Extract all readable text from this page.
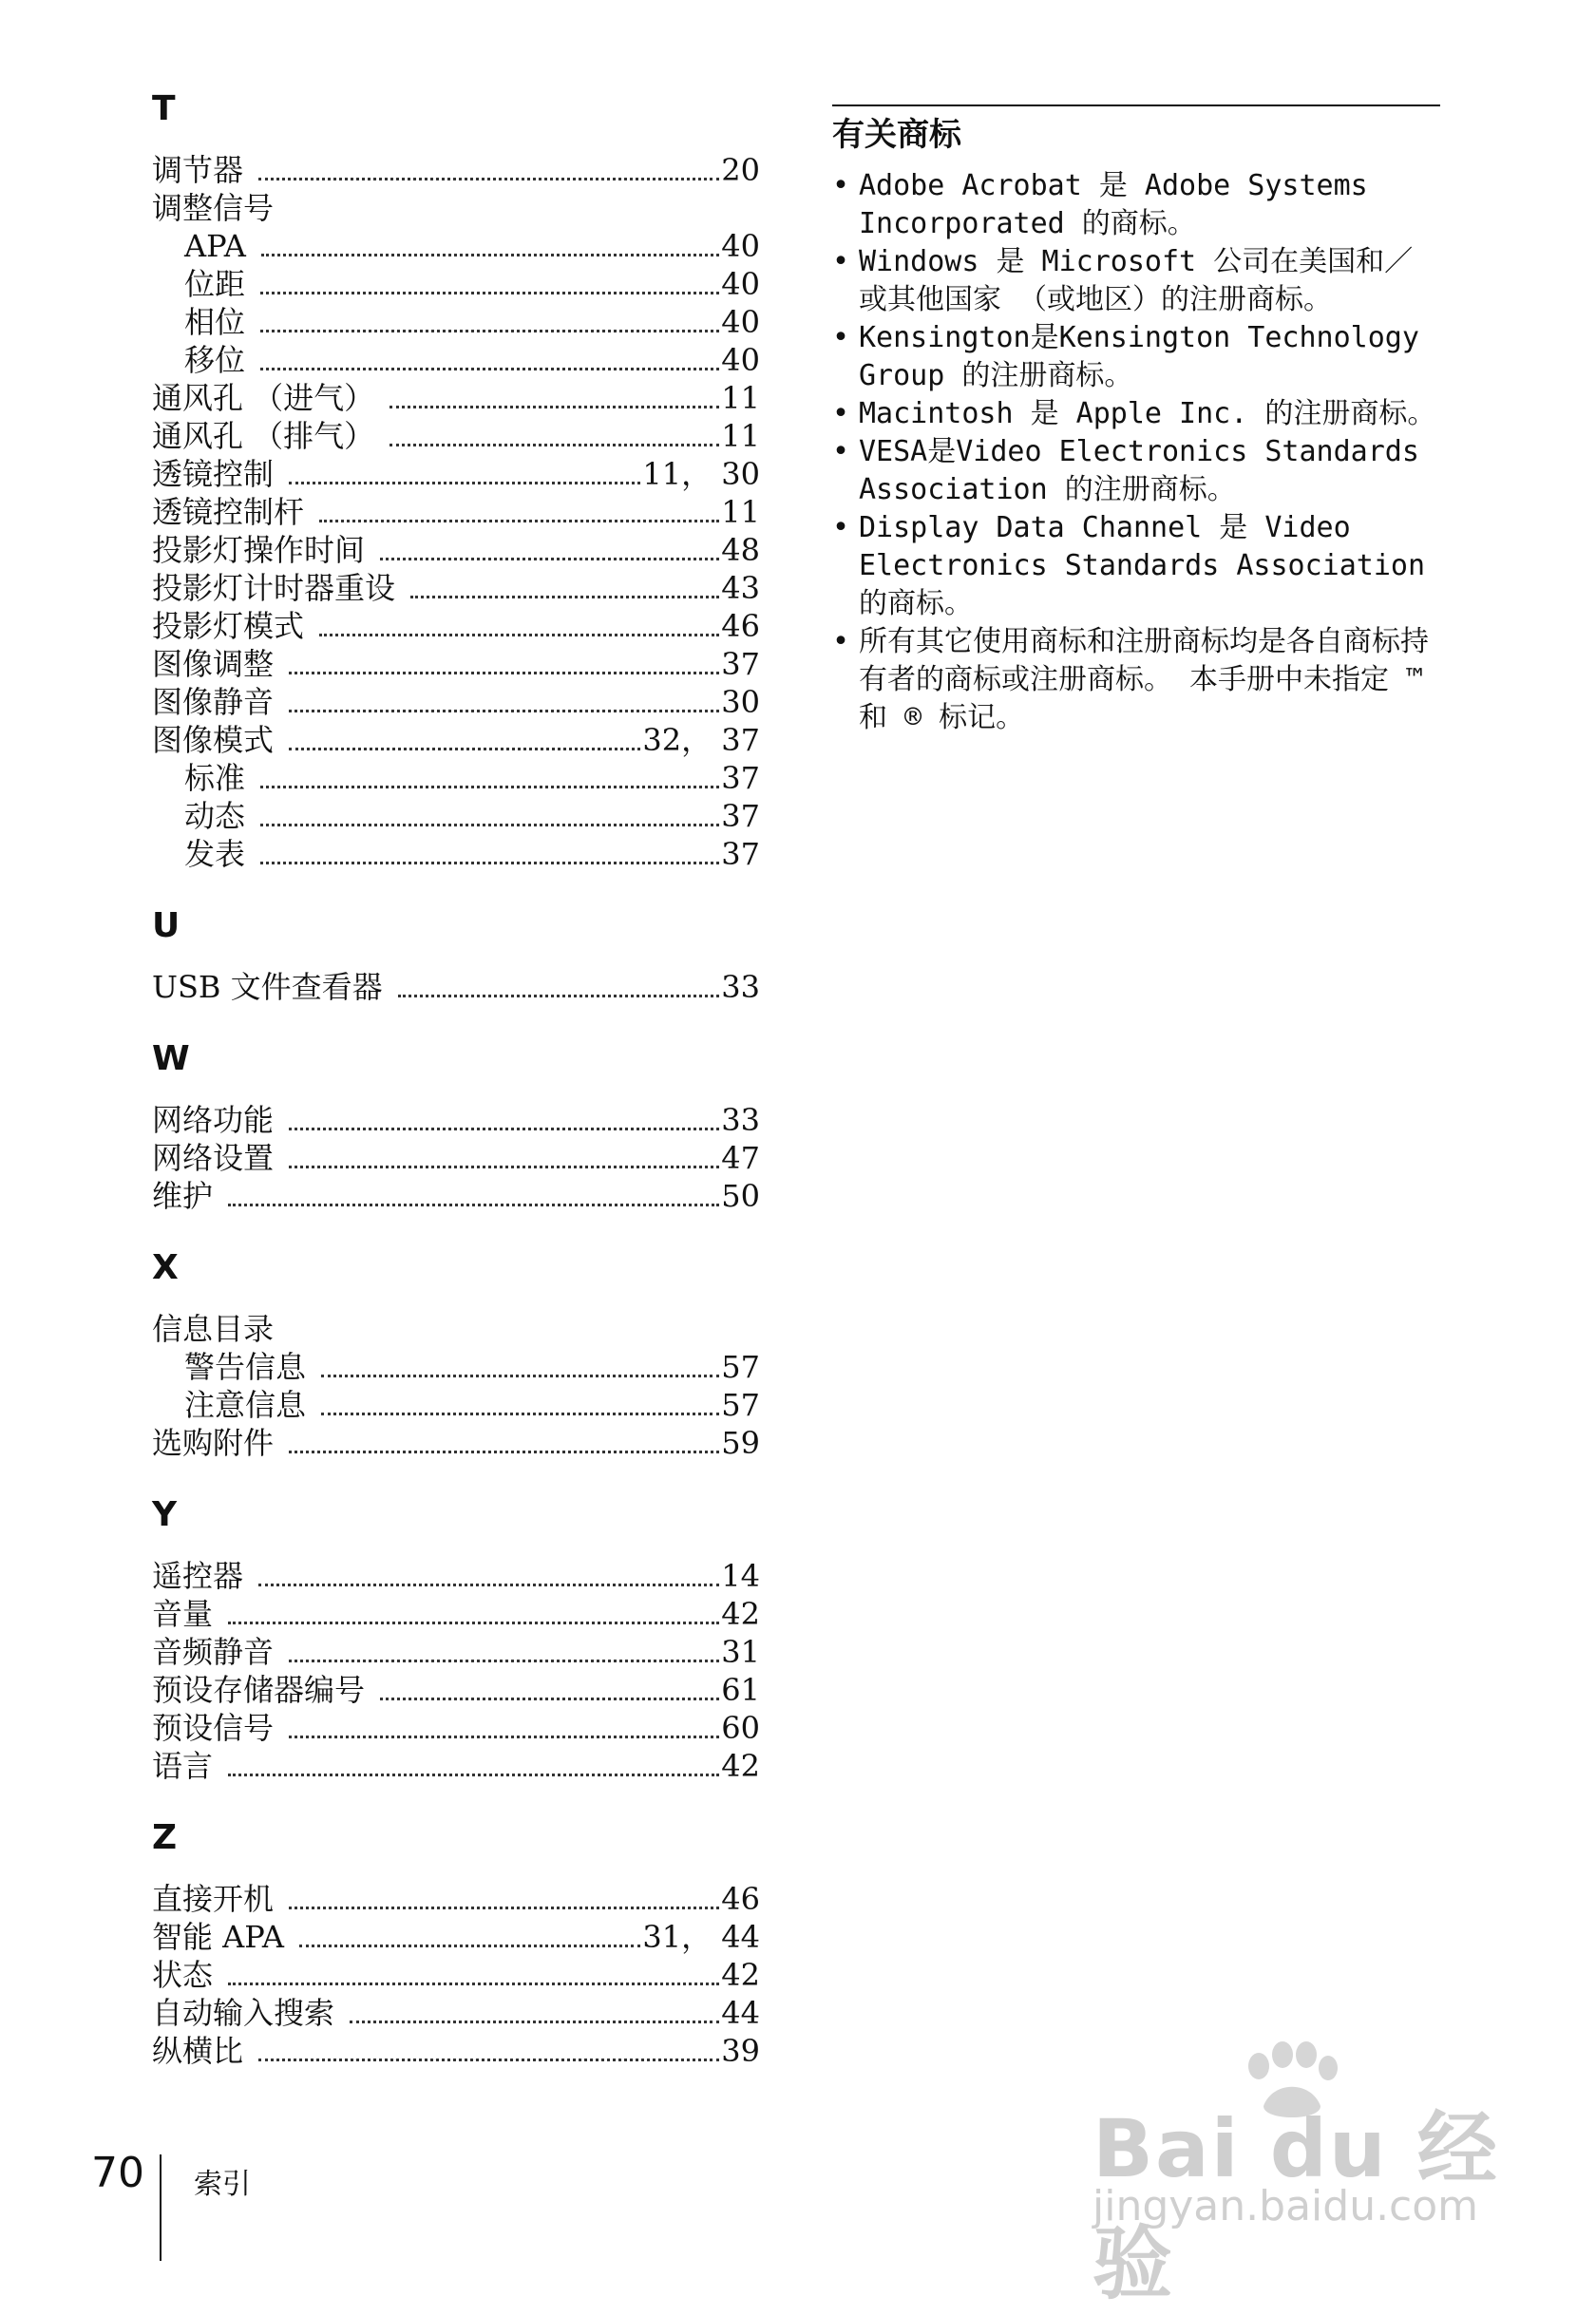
T
调节器	20
调整信号
APA	40
位距	40
相位	40
移位	40
通风孔 （进气）	11
通风孔 （排气）	11
透镜控制	11， 30
透镜控制杆	11
投影灯操作时间	48
投影灯计时器重设	43
投影灯模式	46
图像调整	37
图像静音	30
图像模式	32， 37
标准	37
动态	37
发表	37
U
USB 文件查看器	33
W
网络功能	33
网络设置	47
维护	50
X
信息目录
警告信息	57
注意信息	57
选购附件	59
Y
遥控器	14
音量	42
音频静音	31
预设存储器编号	61
预设信号	60
语言	42
Z
直接开机	46
智能 APA	31， 44
状态	42
自动输入搜索	44
纵横比	39
有关商标
• Adobe Acrobat 是 Adobe Systems Incorporated 的商标。
• Windows 是 Microsoft 公司在美国和／或其他国家 （或地区）的注册商标。
• Kensington是Kensington Technology Group 的注册商标。
• Macintosh 是 Apple Inc. 的注册商标。
• VESA是Video Electronics Standards Association 的注册商标。
• Display Data Channel 是 Video Electronics Standards Association 的商标。
• 所有其它使用商标和注册商标均是各自商标持有者的商标或注册商标。 本手册中未指定 ™ 和 ® 标记。
70 索引	Bai du 经验
jingyan.baidu.com
